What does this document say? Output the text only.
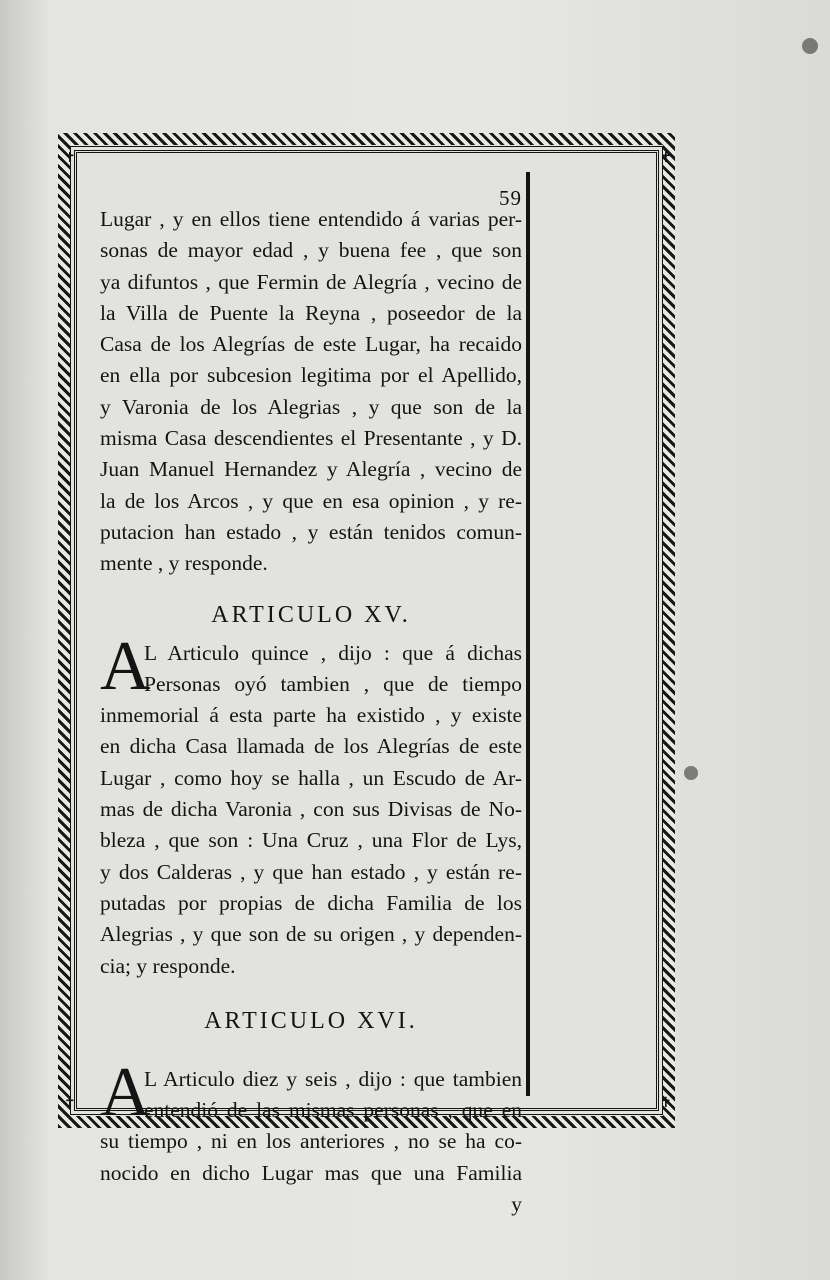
✝	✝
✝	✝
59
Lugar , y en ellos tiene entendido á varias per-
sonas de mayor edad , y buena fee , que son
ya difuntos , que Fermin de Alegría , vecino de
la Villa de Puente la Reyna , poseedor de la
Casa de los Alegrías de este Lugar, ha recaido
en ella por subcesion legitima por el Apellido,
y Varonia de los Alegrias , y que son de la
misma Casa descendientes el Presentante , y D.
Juan Manuel Hernandez y Alegría , vecino de
la de los Arcos , y que en esa opinion , y re-
putacion han estado , y están tenidos comun-
mente , y responde.
ARTICULO XV.
A
L Articulo quince , dijo : que á dichas
Personas oyó tambien , que de tiempo
inmemorial á esta parte ha existido , y existe
en dicha Casa llamada de los Alegrías de este
Lugar , como hoy se halla , un Escudo de Ar-
mas de dicha Varonia , con sus Divisas de No-
bleza , que son : Una Cruz , una Flor de Lys,
y dos Calderas , y que han estado , y están re-
putadas por propias de dicha Familia de los
Alegrias , y que son de su origen , y dependen-
cia; y responde.
ARTICULO XVI.
A
L Articulo diez y seis , dijo : que tambien
entendió de las mismas personas , que en
su tiempo , ni en los anteriores , no se ha co-
nocido en dicho Lugar mas que una Familia
y
